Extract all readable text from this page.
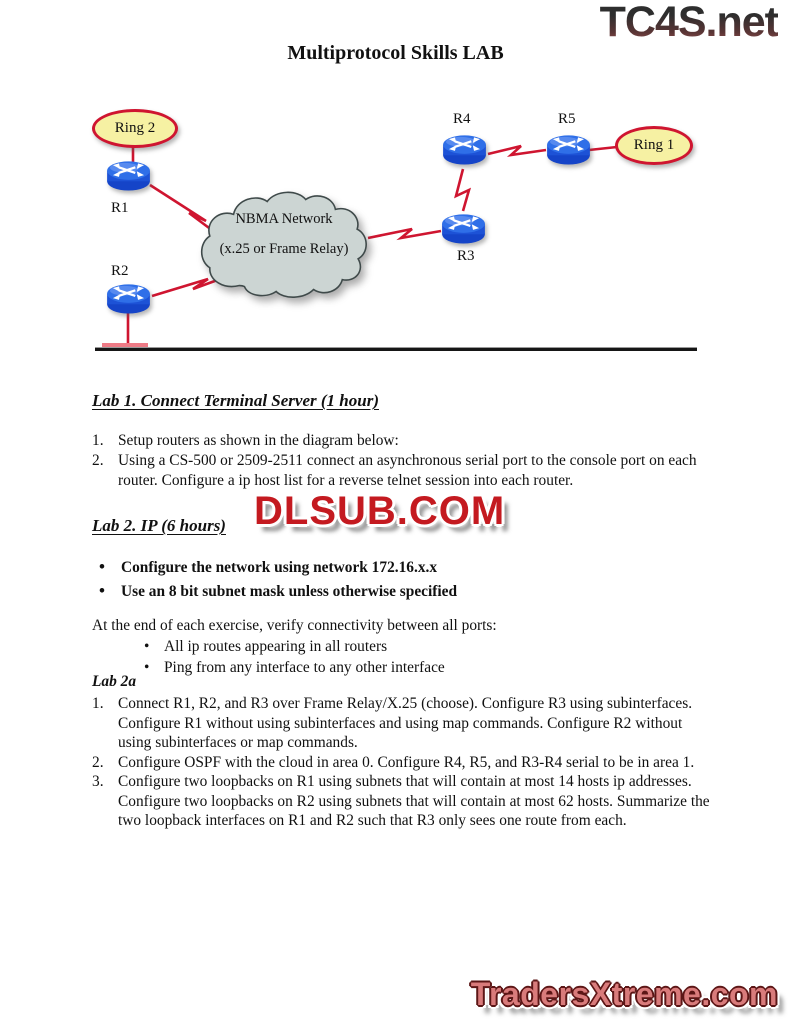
TC4S.net
Multiprotocol Skills LAB
NBMA Network
(x.25 or Frame Relay)
Ring 2
Ring 1
R1
R2
R3
R4	R5
Lab 1. Connect Terminal Server (1 hour)
1. Setup routers as shown in the diagram below:
2. Using a CS-500 or 2509-2511 connect an asynchronous serial port to the console port on each router. Configure a ip host list for a reverse telnet session into each router.
DLSUB.COM
Lab 2. IP (6 hours)
• Configure the network using network 172.16.x.x
• Use an 8 bit subnet mask unless otherwise specified

At the end of each exercise, verify connectivity between all ports:

• All ip routes appearing in all routers
• Ping from any interface to any other interface
Lab 2a
1. Connect R1, R2, and R3 over Frame Relay/X.25 (choose). Configure R3 using subinterfaces. Configure R1 without using subinterfaces and using map commands. Configure R2 without using subinterfaces or map commands.
2. Configure OSPF with the cloud in area 0. Configure R4, R5, and R3-R4 serial to be in area 1.
3. Configure two loopbacks on R1 using subnets that will contain at most 14 hosts ip addresses. Configure two loopbacks on R2 using subnets that will contain at most 62 hosts. Summarize the two loopback interfaces on R1 and R2 such that R3 only sees one route from each.
TradersXtreme.com
